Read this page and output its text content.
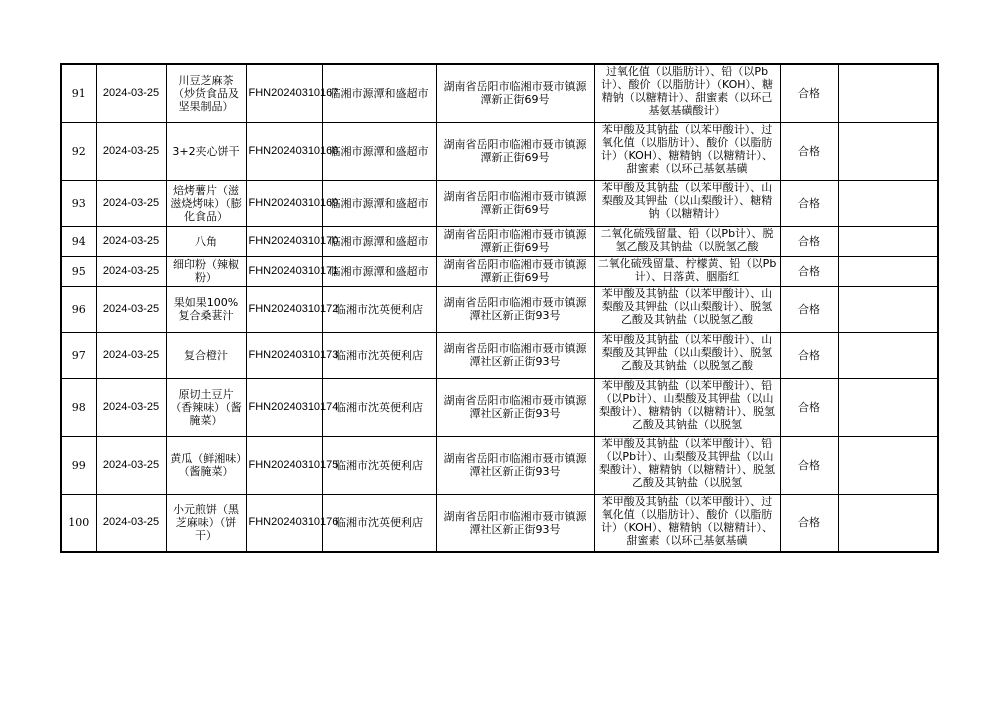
91	2024-03-25	川豆芝麻茶（炒货食品及坚果制品）	FHN20240310167	临湘市源潭和盛超市	湖南省岳阳市临湘市聂市镇源潭新正街69号	过氧化值（以脂肪计）、铅（以Pb计）、酸价（以脂肪计）（KOH）、糖精钠（以糖精计）、甜蜜素（以环己基氨基磺酸计）	合格	
92	2024-03-25	3+2夹心饼干	FHN20240310168	临湘市源潭和盛超市	湖南省岳阳市临湘市聂市镇源潭新正街69号	苯甲酸及其钠盐（以苯甲酸计）、过氧化值（以脂肪计）、酸价（以脂肪计）（KOH）、糖精钠（以糖精计）、甜蜜素（以环己基氨基磺	合格	
93	2024-03-25	焙烤薯片（滋滋烧烤味）（膨化食品）	FHN20240310169	临湘市源潭和盛超市	湖南省岳阳市临湘市聂市镇源潭新正街69号	苯甲酸及其钠盐（以苯甲酸计）、山梨酸及其钾盐（以山梨酸计）、糖精钠（以糖精计）	合格	
94	2024-03-25	八角	FHN20240310170	临湘市源潭和盛超市	湖南省岳阳市临湘市聂市镇源潭新正街69号	二氧化硫残留量、铅（以Pb计）、脱氢乙酸及其钠盐（以脱氢乙酸	合格	
95	2024-03-25	细印粉（辣椒粉）	FHN20240310171	临湘市源潭和盛超市	湖南省岳阳市临湘市聂市镇源潭新正街69号	二氧化硫残留量、柠檬黄、铅（以Pb计）、日落黄、胭脂红	合格	
96	2024-03-25	果如果100%复合桑葚汁	FHN20240310172	临湘市沈英便利店	湖南省岳阳市临湘市聂市镇源潭社区新正街93号	苯甲酸及其钠盐（以苯甲酸计）、山梨酸及其钾盐（以山梨酸计）、脱氢乙酸及其钠盐（以脱氢乙酸	合格	
97	2024-03-25	复合橙汁	FHN20240310173	临湘市沈英便利店	湖南省岳阳市临湘市聂市镇源潭社区新正街93号	苯甲酸及其钠盐（以苯甲酸计）、山梨酸及其钾盐（以山梨酸计）、脱氢乙酸及其钠盐（以脱氢乙酸	合格	
98	2024-03-25	原切土豆片（香辣味）（酱腌菜）	FHN20240310174	临湘市沈英便利店	湖南省岳阳市临湘市聂市镇源潭社区新正街93号	苯甲酸及其钠盐（以苯甲酸计）、铅（以Pb计）、山梨酸及其钾盐（以山梨酸计）、糖精钠（以糖精计）、脱氢乙酸及其钠盐（以脱氢	合格	
99	2024-03-25	黄瓜（鲜湘味）（酱腌菜）	FHN20240310175	临湘市沈英便利店	湖南省岳阳市临湘市聂市镇源潭社区新正街93号	苯甲酸及其钠盐（以苯甲酸计）、铅（以Pb计）、山梨酸及其钾盐（以山梨酸计）、糖精钠（以糖精计）、脱氢乙酸及其钠盐（以脱氢	合格	
100	2024-03-25	小元煎饼（黑芝麻味）（饼干）	FHN20240310176	临湘市沈英便利店	湖南省岳阳市临湘市聂市镇源潭社区新正街93号	苯甲酸及其钠盐（以苯甲酸计）、过氧化值（以脂肪计）、酸价（以脂肪计）（KOH）、糖精钠（以糖精计）、甜蜜素（以环己基氨基磺	合格	
